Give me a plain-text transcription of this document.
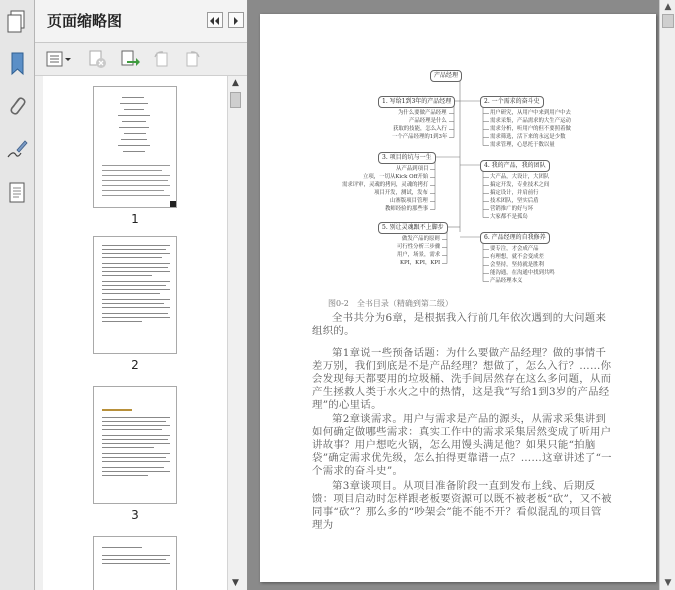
页面缩略图
1
2
3
▲
▼
产品经理
1. 写给1到3年的产品经理
为什么要做产品经理
产品经理是什么
获取的技能，怎么入行
一个产品经理的1到3年
2. 一个需求的奋斗史
用户研究，从用户中来到用户中去
需求采集，产品需求的大生产运动
需求分析，听用户的但不要照着做
需求筛选，活下来的永远是少数
需求管理，心思托于数以量
3. 项目的坑与一生
从产品到项目
立项，一切从Kick Off开始
需求评审，灵魂的拷问，灵魂的拷打
项目开发，测试，发布
山寨版项目管理
教师经验的那些事
4. 我的产品，我的团队
大产品，大设计，大团队
搞定开发，专业技术之间
搞定设计，并肩前行
技术团队，坚实后盾
营销推广的好与坏
大家都不是孤岛
5. 别让灵魂跟不上脚步
做发产品的原则
可行性分析三步骤
用户，场景，需求
KPI，KPI，KPI
6. 产品经理的自我修养
要专注，才会成产品
有理想，就不会变成差
会坚持，坚持就是胜利
能沟通，在沟通中找到共鸣
产品经理本义
图0-2　全书目录（精确到第二级）

全书共分为6章，是根据我入行前几年依次遇到的大问题来组织的。

第1章说一些预备话题：为什么要做产品经理？做的事情千差万别，我们到底是不是产品经理？想做了，怎么入行？……你会发现每天都要用的垃圾桶、洗手间居然存在这么多问题，从而产生拯救人类于水火之中的热情，这是我“写给1到3岁的产品经理”的心里话。

第2章谈需求。用户与需求是产品的源头，从需求采集讲到如何确定做哪些需求：真实工作中的需求采集居然变成了听用户讲故事？用户想吃火锅，怎么用馒头满足他？如果只能“拍脑袋”确定需求优先级，怎么拍得更靠谱一点？……这章讲述了“一个需求的奋斗史”。

第3章谈项目。从项目准备阶段一直到发布上线、后期反馈：项目启动时怎样跟老板要资源可以既不被老板“砍”，又不被同事“砍”？那么多的“吵架会”能不能不开？看似混乱的项目管理为

▲
▼
